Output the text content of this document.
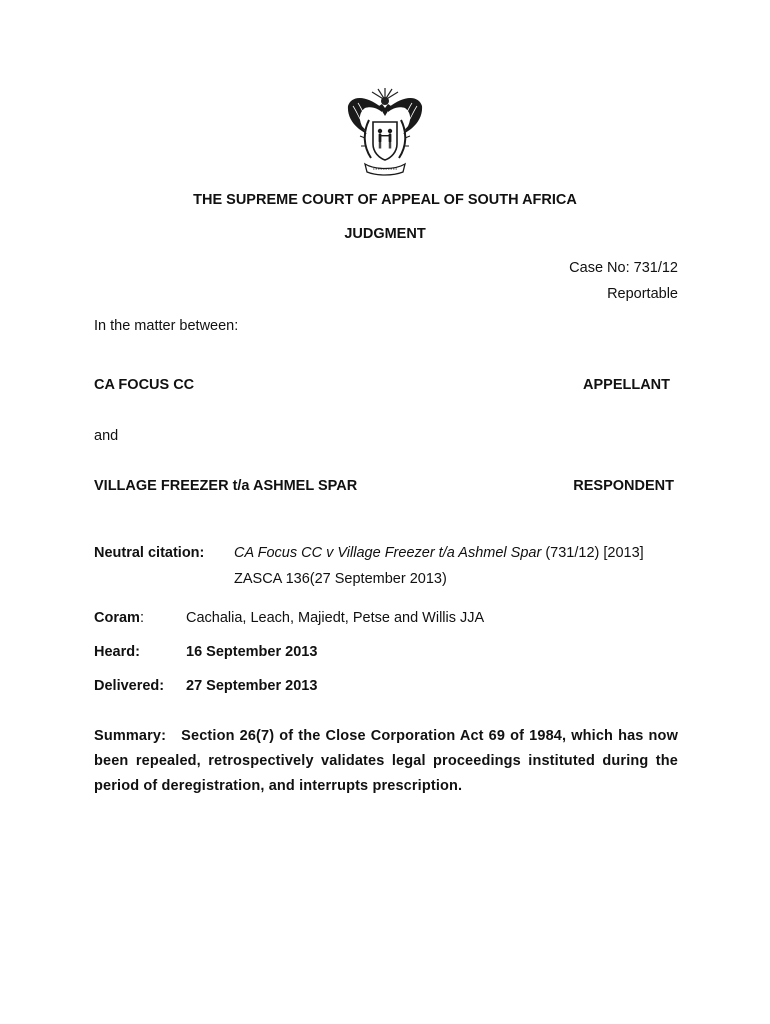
THE SUPREME COURT OF APPEAL OF SOUTH AFRICA
JUDGMENT
Case No: 731/12
Reportable
In the matter between:
CA FOCUS CC	APPELLANT
and
VILLAGE FREEZER t/a ASHMEL SPAR	RESPONDENT
Neutral citation: CA Focus CC v Village Freezer t/a Ashmel Spar (731/12) [2013]
ZASCA 136(27 September 2013)
Coram:	Cachalia, Leach, Majiedt, Petse and Willis JJA
Heard:	16 September 2013
Delivered: 27 September 2013
Summary: Section 26(7) of the Close Corporation Act 69 of 1984, which has now been repealed, retrospectively validates legal proceedings instituted during the period of deregistration, and interrupts prescription.
